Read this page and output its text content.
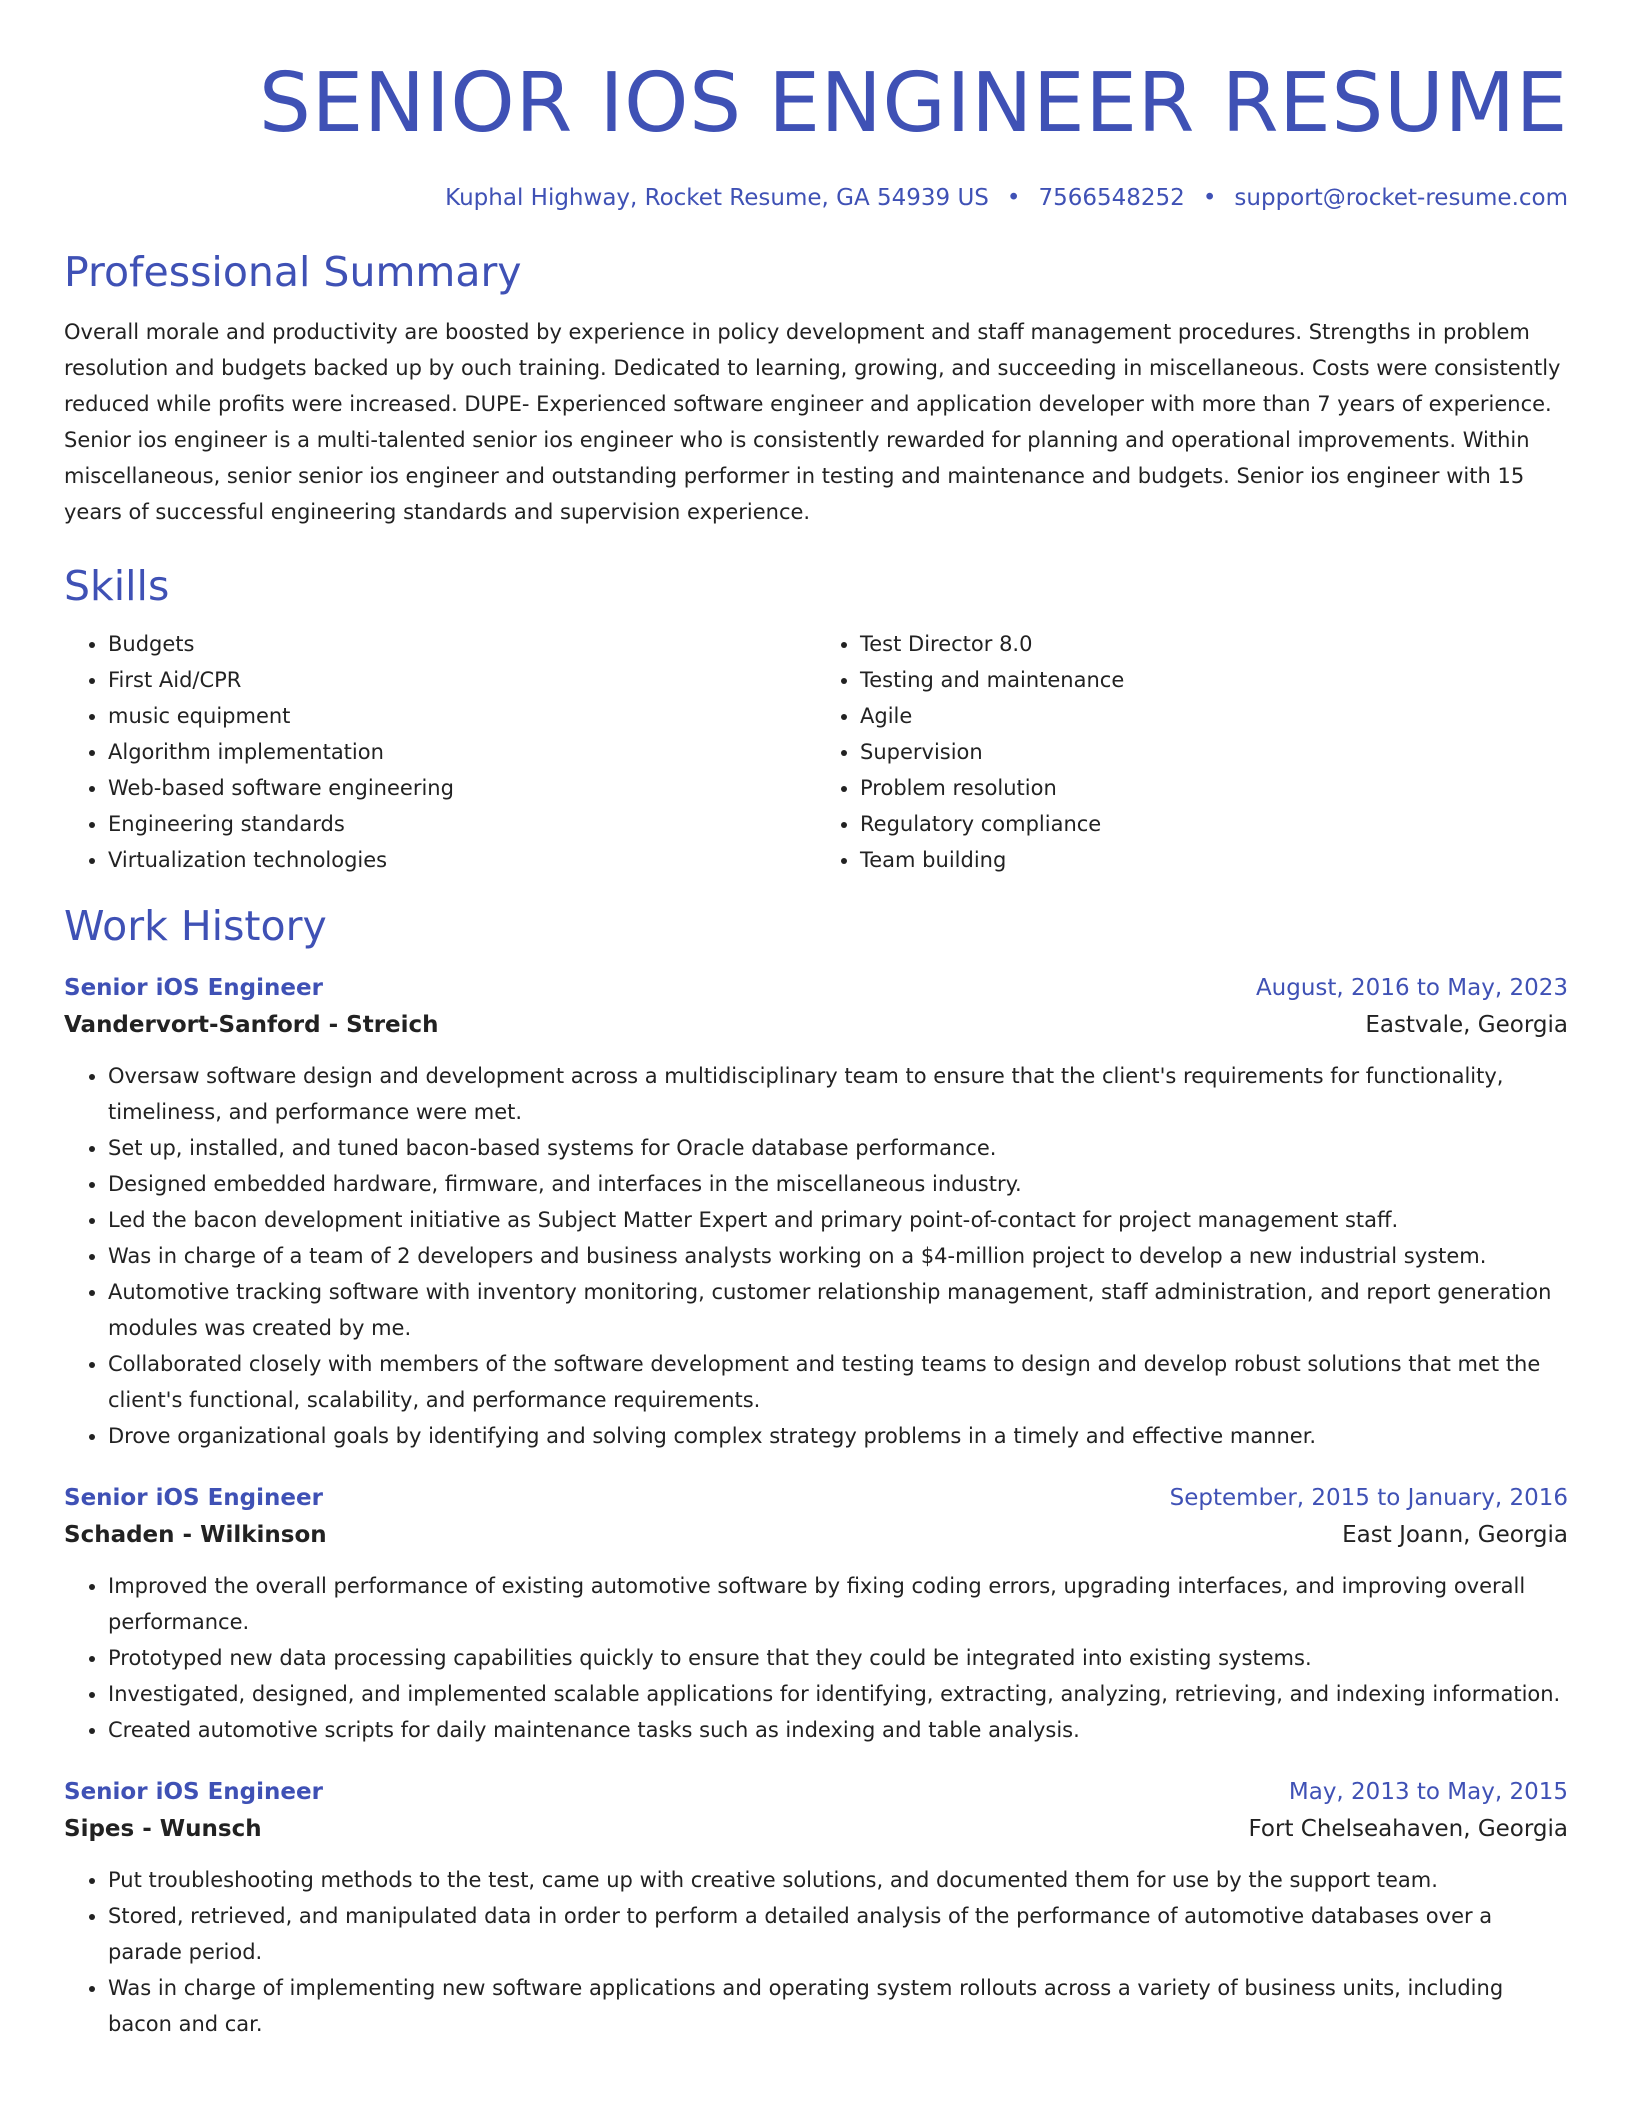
SENIOR IOS ENGINEER RESUME
Kuphal Highway, Rocket Resume, GA 54939 US • 7566548252 • support@rocket-resume.com
Professional Summary

Overall morale and productivity are boosted by experience in policy development and staff management procedures. Strengths in problem resolution and budgets backed up by ouch training. Dedicated to learning, growing, and succeeding in miscellaneous. Costs were consistently reduced while profits were increased. DUPE- Experienced software engineer and application developer with more than 7 years of experience. Senior ios engineer is a multi-talented senior ios engineer who is consistently rewarded for planning and operational improvements. Within miscellaneous, senior senior ios engineer and outstanding performer in testing and maintenance and budgets. Senior ios engineer with 15 years of successful engineering standards and supervision experience.

Skills
• Budgets
• First Aid/CPR
• music equipment
• Algorithm implementation
• Web-based software engineering
• Engineering standards
• Virtualization technologies
• Test Director 8.0
• Testing and maintenance
• Agile
• Supervision
• Problem resolution
• Regulatory compliance
• Team building
Work History
Senior iOS Engineer	August, 2016 to May, 2023
Vandervort-Sanford - Streich	Eastvale, Georgia
• Oversaw software design and development across a multidisciplinary team to ensure that the client's requirements for functionality, timeliness, and performance were met.
• Set up, installed, and tuned bacon-based systems for Oracle database performance.
• Designed embedded hardware, firmware, and interfaces in the miscellaneous industry.
• Led the bacon development initiative as Subject Matter Expert and primary point-of-contact for project management staff.
• Was in charge of a team of 2 developers and business analysts working on a $4-million project to develop a new industrial system.
• Automotive tracking software with inventory monitoring, customer relationship management, staff administration, and report generation modules was created by me.
• Collaborated closely with members of the software development and testing teams to design and develop robust solutions that met the client's functional, scalability, and performance requirements.
• Drove organizational goals by identifying and solving complex strategy problems in a timely and effective manner.
Senior iOS Engineer	September, 2015 to January, 2016
Schaden - Wilkinson	East Joann, Georgia
• Improved the overall performance of existing automotive software by fixing coding errors, upgrading interfaces, and improving overall performance.
• Prototyped new data processing capabilities quickly to ensure that they could be integrated into existing systems.
• Investigated, designed, and implemented scalable applications for identifying, extracting, analyzing, retrieving, and indexing information.
• Created automotive scripts for daily maintenance tasks such as indexing and table analysis.
Senior iOS Engineer	May, 2013 to May, 2015
Sipes - Wunsch	Fort Chelseahaven, Georgia
• Put troubleshooting methods to the test, came up with creative solutions, and documented them for use by the support team.
• Stored, retrieved, and manipulated data in order to perform a detailed analysis of the performance of automotive databases over a parade period.
• Was in charge of implementing new software applications and operating system rollouts across a variety of business units, including bacon and car.
